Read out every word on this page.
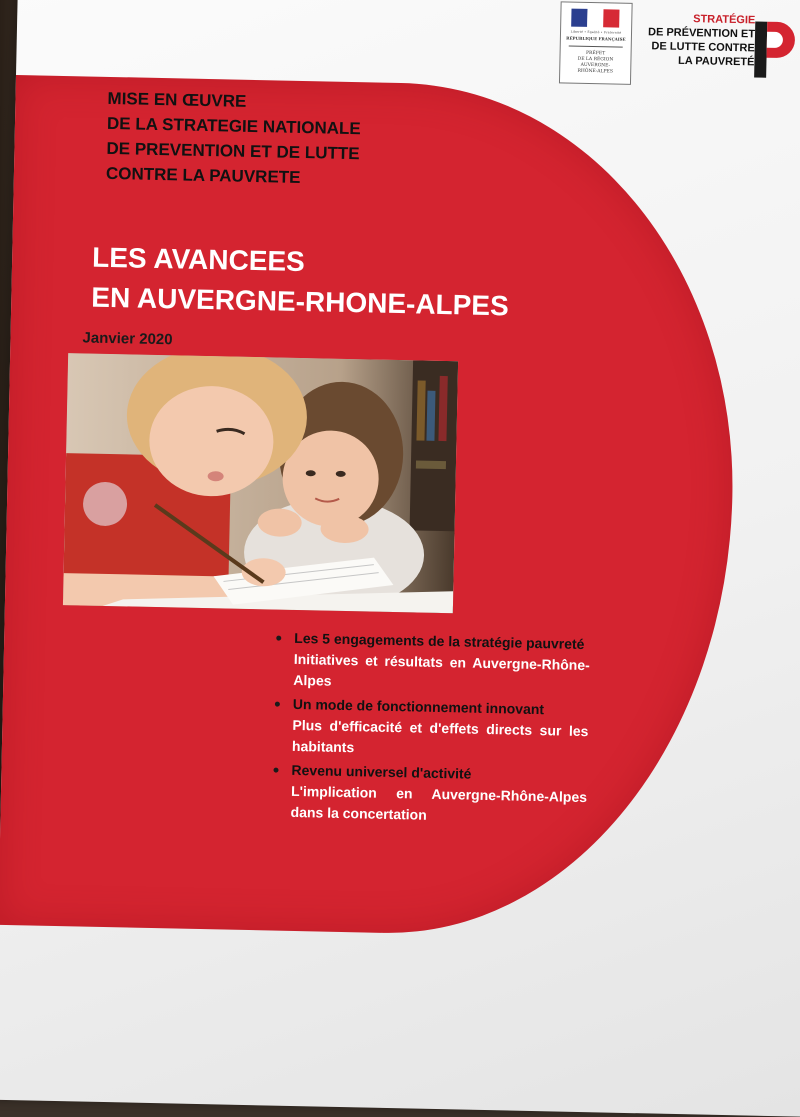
Liberté • Égalité • Fraternité
RÉPUBLIQUE FRANÇAISE
PRÉFET
DE LA RÉGION
AUVERGNE-
RHÔNE-ALPES
STRATÉGIE
DE PRÉVENTION ET
DE LUTTE CONTRE
LA PAUVRETÉ
MISE EN ŒUVRE
DE LA STRATEGIE NATIONALE
DE PREVENTION ET DE LUTTE
CONTRE LA PAUVRETE
LES AVANCEES
EN AUVERGNE-RHONE-ALPES
Janvier 2020
Les 5 engagements de la stratégie pauvreté
Initiatives et résultats en Auvergne-Rhône-Alpes
Un mode de fonctionnement innovant
Plus d'efficacité et d'effets directs sur les habitants
Revenu universel d'activité
L'implication en Auvergne-Rhône-Alpes dans la concertation
